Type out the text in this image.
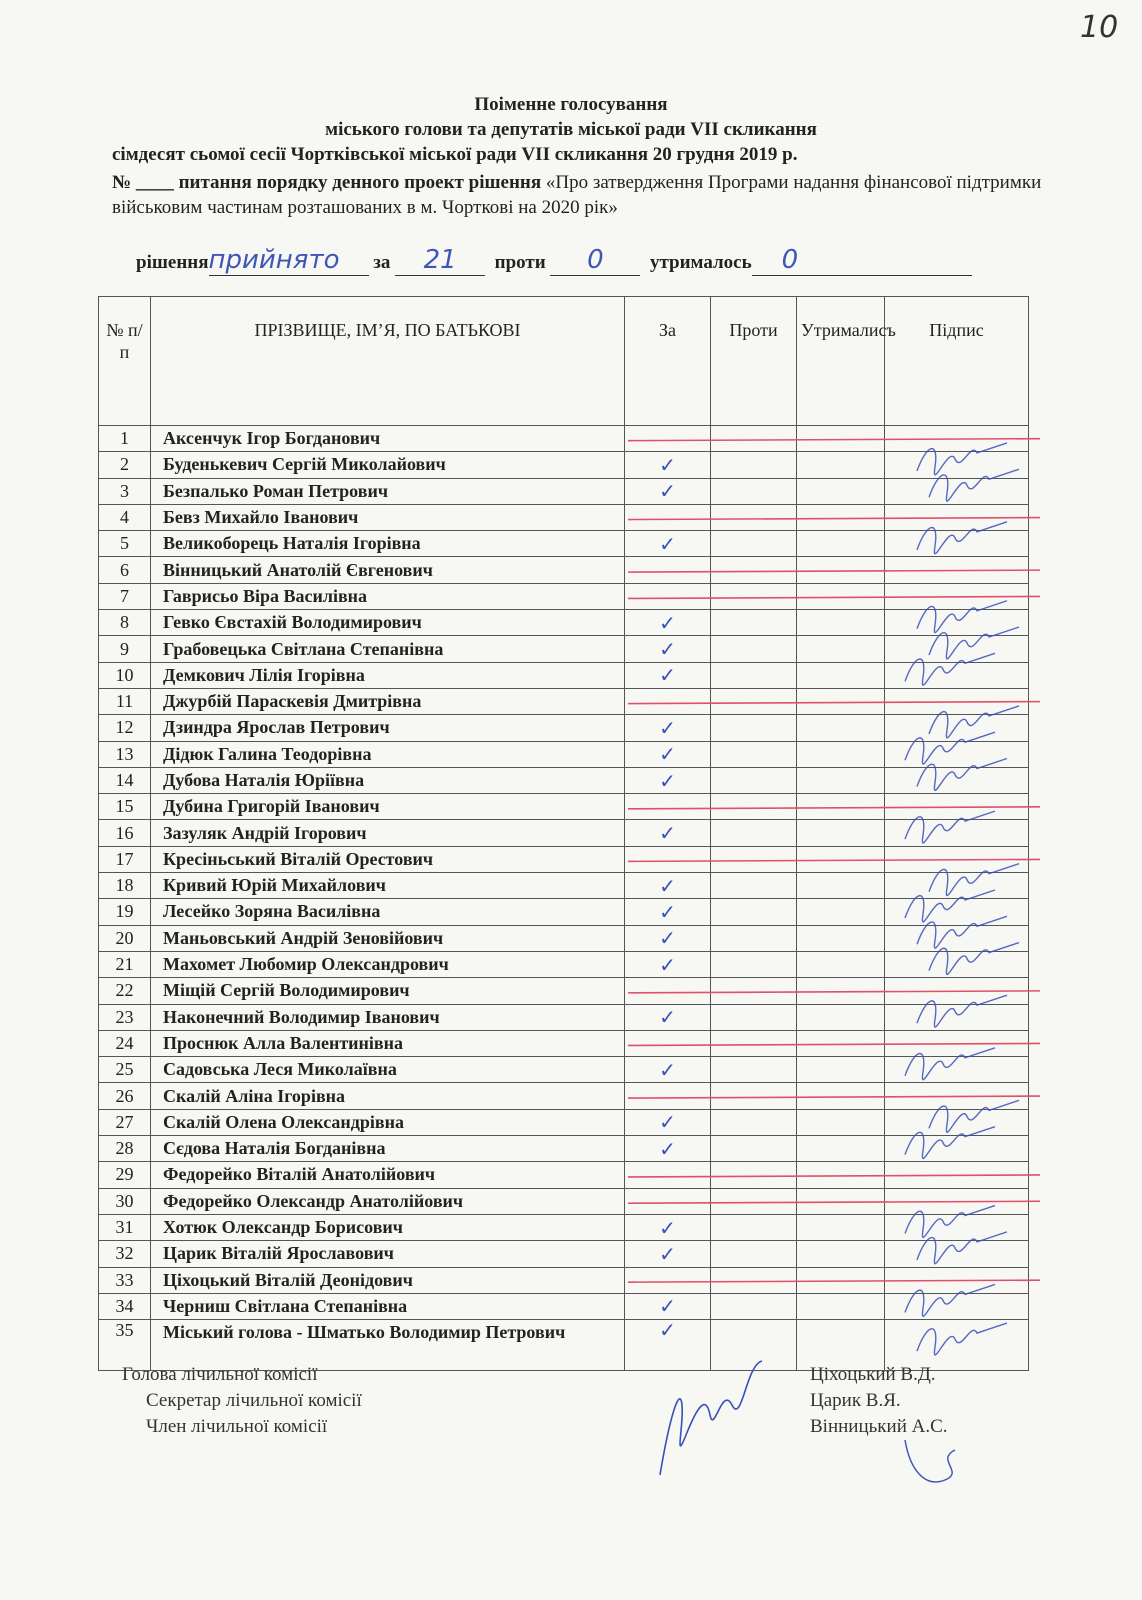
10
Поіменне голосування
міського голови та депутатів міської ради VII скликання
сімдесят сьомої сесії Чортківської міської ради VII скликання 20 грудня 2019 р.
№ ____ питання порядку денного проект рішення «Про затвердження Програми надання фінансової підтримки військовим частинам розташованих в м. Чорткові на 2020 рік»
рішенняприйнято за 21 проти 0 утрималось 0
№ п/п	ПРІЗВИЩЕ, ІМ’Я, ПО БАТЬКОВІ	За	Проти	Утрималисъ	Підпис
1	Аксенчук Ігор Богданович				
2	Буденькевич Сергій Миколайович	✓			
3	Безпалько Роман Петрович	✓			
4	Бевз Михайло Іванович				
5	Великоборець Наталія Ігорівна	✓			
6	Вінницький Анатолій Євгенович				
7	Гаврисьо Віра Василівна				
8	Гевко Євстахій Володимирович	✓			
9	Грабовецька Світлана Степанівна	✓			
10	Демкович Лілія Ігорівна	✓			
11	Джурбій Параскевія Дмитрівна				
12	Дзиндра Ярослав Петрович	✓			
13	Дідюк Галина Теодорівна	✓			
14	Дубова Наталія Юріївна	✓			
15	Дубина Григорій Іванович				
16	Зазуляк Андрій Ігорович	✓			
17	Кресіньський Віталій Орестович				
18	Кривий Юрій Михайлович	✓			
19	Лесейко Зоряна Василівна	✓			
20	Маньовський Андрій Зеновійович	✓			
21	Махомет Любомир Олександрович	✓			
22	Міщій Сергій Володимирович				
23	Наконечний Володимир Іванович	✓			
24	Проснюк Алла Валентинівна				
25	Садовська Леся Миколаївна	✓			
26	Скалій Аліна Ігорівна				
27	Скалій Олена Олександрівна	✓			
28	Сєдова Наталія Богданівна	✓			
29	Федорейко Віталій Анатолійович				
30	Федорейко Олександр Анатолійович				
31	Хотюк Олександр Борисович	✓			
32	Царик Віталій Ярославович	✓			
33	Ціхоцький Віталій Деонідович				
34	Черниш Світлана Степанівна	✓			
35	Міський голова - Шматько Володимир Петрович	✓			
Голова лічильної комісії
Секретар лічильної комісії
Член лічильної комісії
Ціхоцький В.Д.
Царик В.Я.
Вінницький А.С.
